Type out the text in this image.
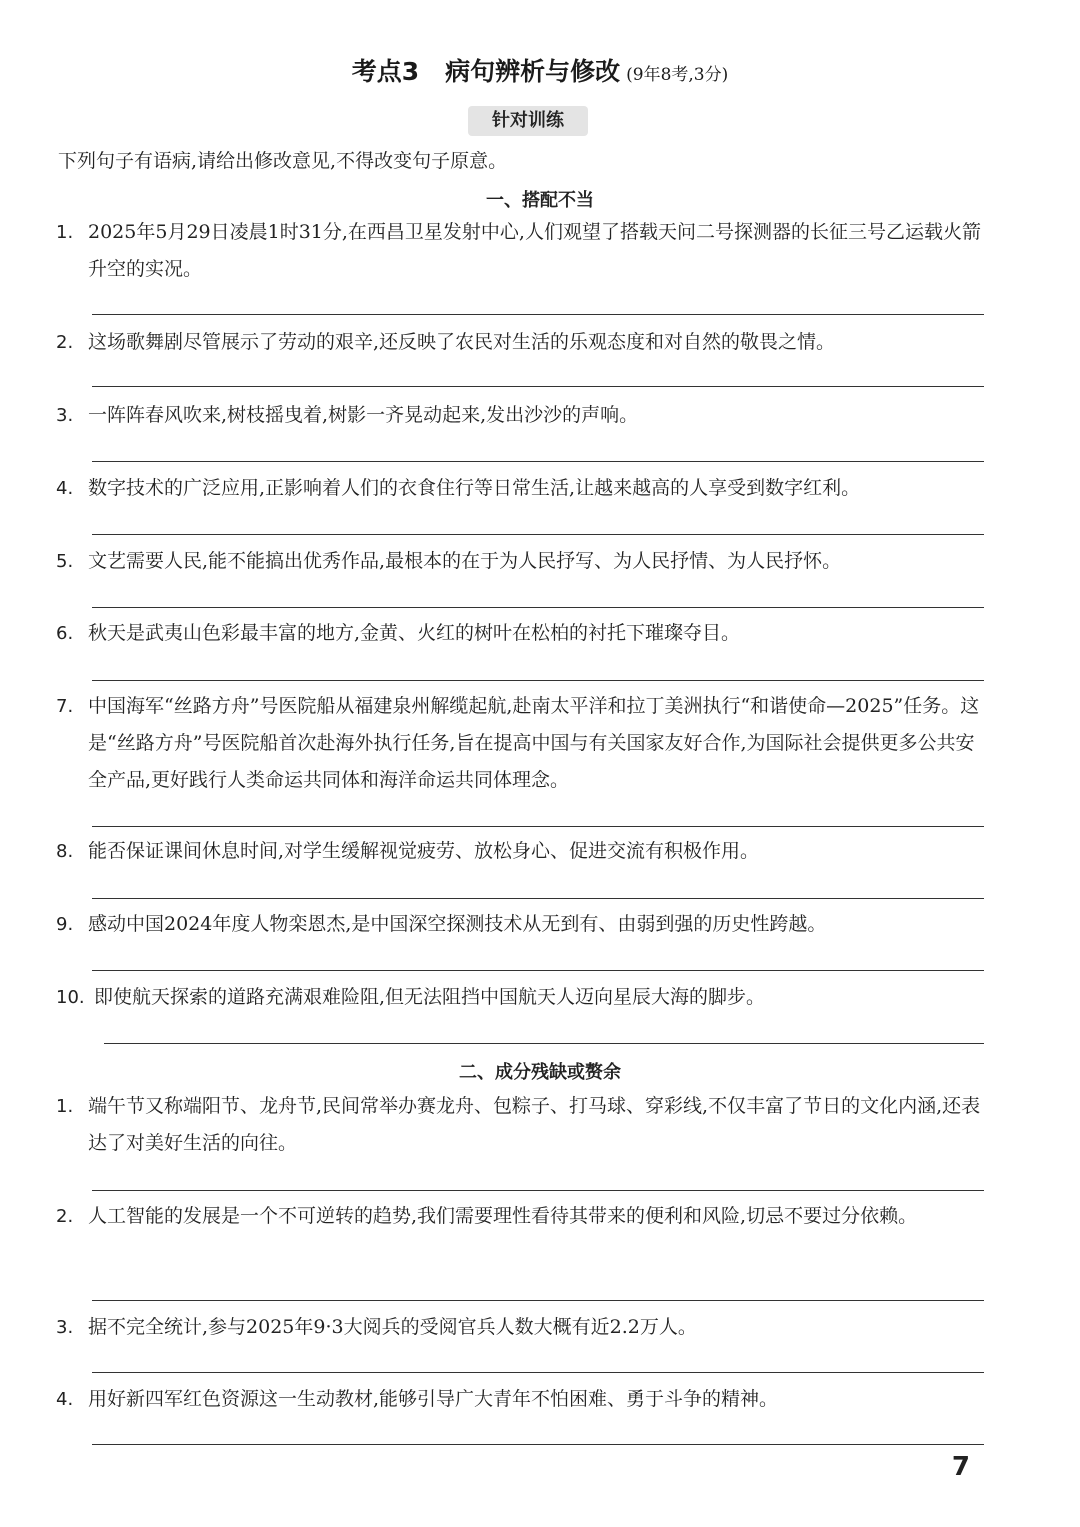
考点3 病句辨析与修改 (9年8考,3分)
针对训练
下列句子有语病,请给出修改意见,不得改变句子原意。
一、搭配不当
1. 2025年5月29日凌晨1时31分,在西昌卫星发射中心,人们观望了搭载天问二号探测器的长征三号乙运载火箭升空的实况。
2. 这场歌舞剧尽管展示了劳动的艰辛,还反映了农民对生活的乐观态度和对自然的敬畏之情。
3. 一阵阵春风吹来,树枝摇曳着,树影一齐晃动起来,发出沙沙的声响。
4. 数字技术的广泛应用,正影响着人们的衣食住行等日常生活,让越来越高的人享受到数字红利。
5. 文艺需要人民,能不能搞出优秀作品,最根本的在于为人民抒写、为人民抒情、为人民抒怀。
6. 秋天是武夷山色彩最丰富的地方,金黄、火红的树叶在松柏的衬托下璀璨夺目。
7. 中国海军“丝路方舟”号医院船从福建泉州解缆起航,赴南太平洋和拉丁美洲执行“和谐使命—2025”任务。这是“丝路方舟”号医院船首次赴海外执行任务,旨在提高中国与有关国家友好合作,为国际社会提供更多公共安全产品,更好践行人类命运共同体和海洋命运共同体理念。
8. 能否保证课间休息时间,对学生缓解视觉疲劳、放松身心、促进交流有积极作用。
9. 感动中国2024年度人物栾恩杰,是中国深空探测技术从无到有、由弱到强的历史性跨越。
10. 即使航天探索的道路充满艰难险阻,但无法阻挡中国航天人迈向星辰大海的脚步。
二、成分残缺或赘余
1. 端午节又称端阳节、龙舟节,民间常举办赛龙舟、包粽子、打马球、穿彩线,不仅丰富了节日的文化内涵,还表达了对美好生活的向往。
2. 人工智能的发展是一个不可逆转的趋势,我们需要理性看待其带来的便利和风险,切忌不要过分依赖。
3. 据不完全统计,参与2025年9·3大阅兵的受阅官兵人数大概有近2.2万人。
4. 用好新四军红色资源这一生动教材,能够引导广大青年不怕困难、勇于斗争的精神。
7
